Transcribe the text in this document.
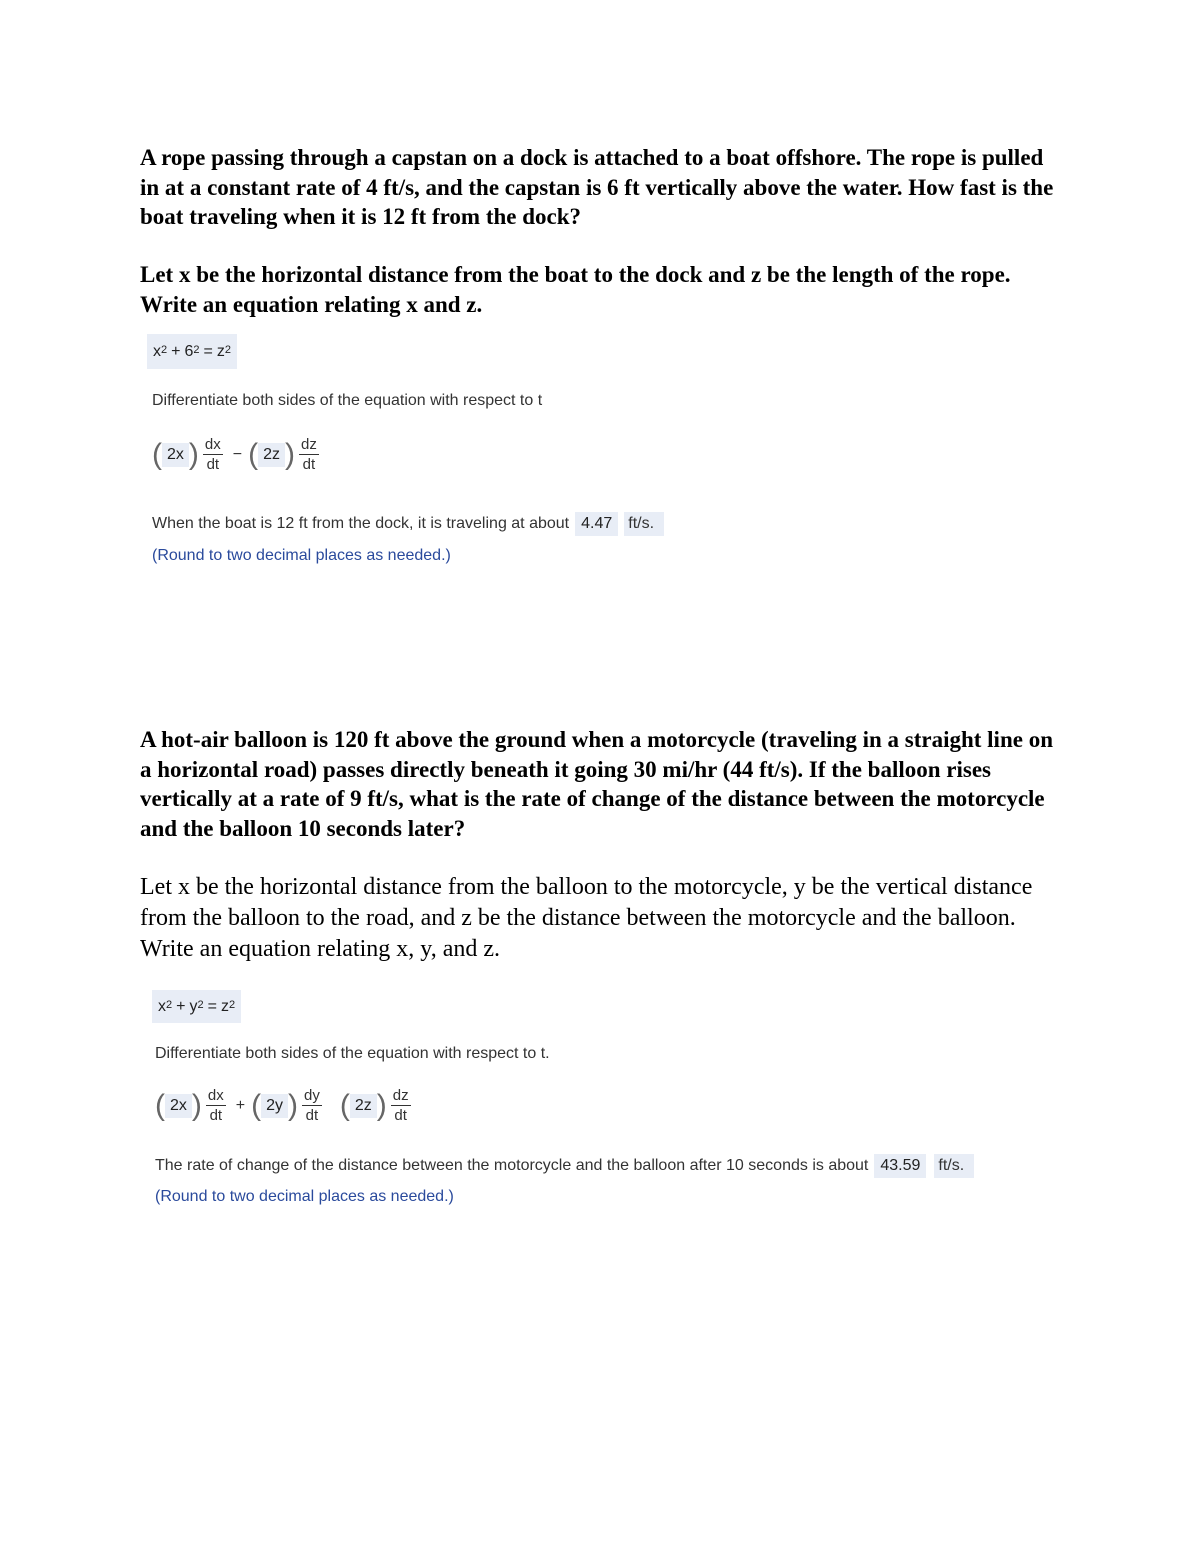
A rope passing through a capstan on a dock is attached to a boat offshore. The rope is pulled in at a constant rate of 4 ft/s, and the capstan is 6 ft vertically above the water. How fast is the boat traveling when it is 12 ft from the dock?

Let x be the horizontal distance from the boat to the dock and z be the length of the rope. Write an equation relating x and z.

$x^2 + 6^2 = z^2$
Differentiate both sides of the equation with respect to t
( 2x ) $\frac{dx}{dt}$ − ( 2z ) $\frac{dz}{dt}$
When the boat is 12 ft from the dock, it is traveling at about 4.47	ft/s.
(Round to two decimal places as needed.)

A hot-air balloon is 120 ft above the ground when a motorcycle (traveling in a straight line on a horizontal road) passes directly beneath it going 30 mi/hr (44 ft/s). If the balloon rises vertically at a rate of 9 ft/s, what is the rate of change of the distance between the motorcycle and the balloon 10 seconds later?

Let x be the horizontal distance from the balloon to the motorcycle, y be the vertical distance from the balloon to the road, and z be the distance between the motorcycle and the balloon. Write an equation relating x, y, and z.

$x^2 + y^2 = z^2$
Differentiate both sides of the equation with respect to t.
( 2x ) $\frac{dx}{dt}$ + ( 2y ) $\frac{dy}{dt}$ ( 2z ) $\frac{dz}{dt}$
The rate of change of the distance between the motorcycle and the balloon after 10 seconds is about 43.59	ft/s.
(Round to two decimal places as needed.)
